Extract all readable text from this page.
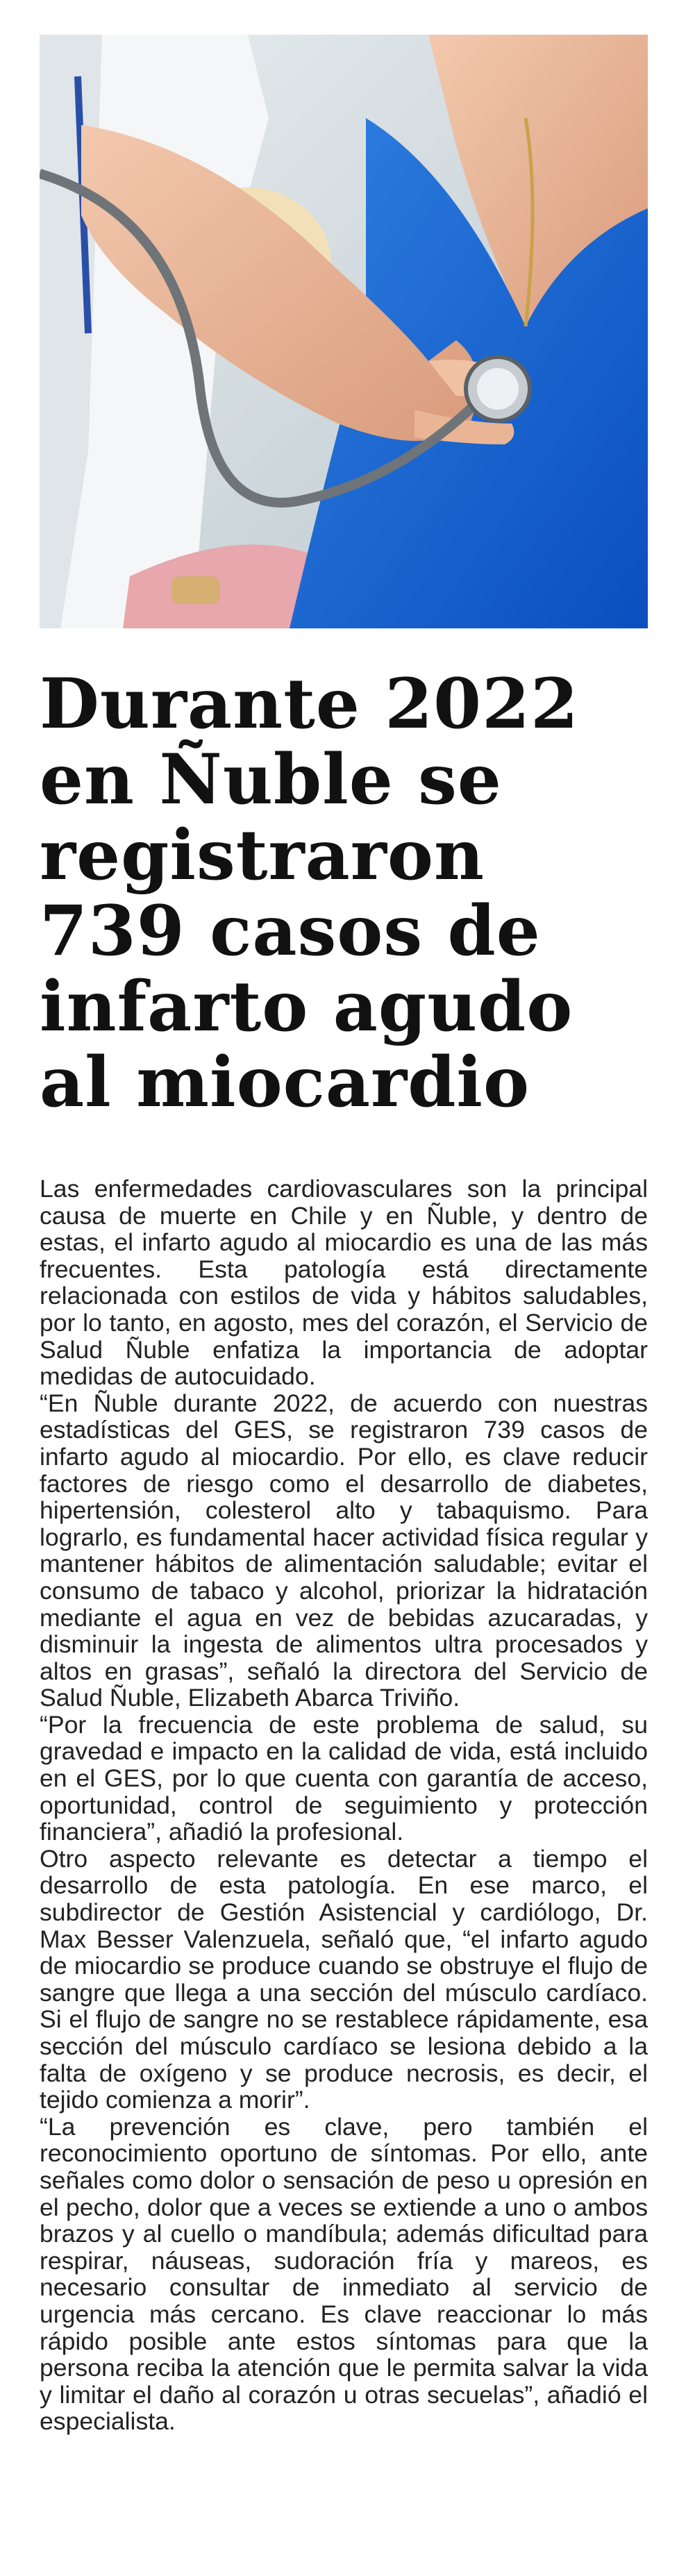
Durante 2022
en Ñuble se
registraron
739 casos de
infarto agudo
al miocardio

Las enfermedades cardiovasculares son la principal causa de muerte en Chile y en Ñuble, y dentro de estas, el infarto agudo al miocardio es una de las más frecuentes. Esta patología está directamente relacionada con estilos de vida y hábitos saludables, por lo tanto, en agosto, mes del corazón, el Servicio de Salud Ñuble enfatiza la importancia de adoptar medidas de autocuidado.

“En Ñuble durante 2022, de acuerdo con nuestras estadísticas del GES, se registraron 739 casos de infarto agudo al miocardio. Por ello, es clave reducir factores de riesgo como el desarrollo de diabetes, hipertensión, colesterol alto y tabaquismo. Para lograrlo, es fundamental hacer actividad física regular y mantener hábitos de alimentación saludable; evitar el consumo de tabaco y alcohol, priorizar la hidratación mediante el agua en vez de bebidas azucaradas, y disminuir la ingesta de alimentos ultra procesados y altos en grasas”, señaló la directora del Servicio de Salud Ñuble, Elizabeth Abarca Triviño.

“Por la frecuencia de este problema de salud, su gravedad e impacto en la calidad de vida, está incluido en el GES, por lo que cuenta con garantía de acceso, oportunidad, control de seguimiento y protección financiera”, añadió la profesional.

Otro aspecto relevante es detectar a tiempo el desarrollo de esta patología. En ese marco, el subdirector de Gestión Asistencial y cardiólogo, Dr. Max Besser Valenzuela, señaló que, “el infarto agudo de miocardio se produce cuando se obstruye el flujo de sangre que llega a una sección del músculo cardíaco. Si el flujo de sangre no se restablece rápidamente, esa sección del músculo cardíaco se lesiona debido a la falta de oxígeno y se produce necrosis, es decir, el tejido comienza a morir”.

“La prevención es clave, pero también el reconocimiento oportuno de síntomas. Por ello, ante señales como dolor o sensación de peso u opresión en el pecho, dolor que a veces se extiende a uno o ambos brazos y al cuello o mandíbula; además dificultad para respirar, náuseas, sudoración fría y mareos, es necesario consultar de inmediato al servicio de urgencia más cercano. Es clave reaccionar lo más rápido posible ante estos síntomas para que la persona reciba la atención que le permita salvar la vida y limitar el daño al corazón u otras secuelas”, añadió el especialista.
